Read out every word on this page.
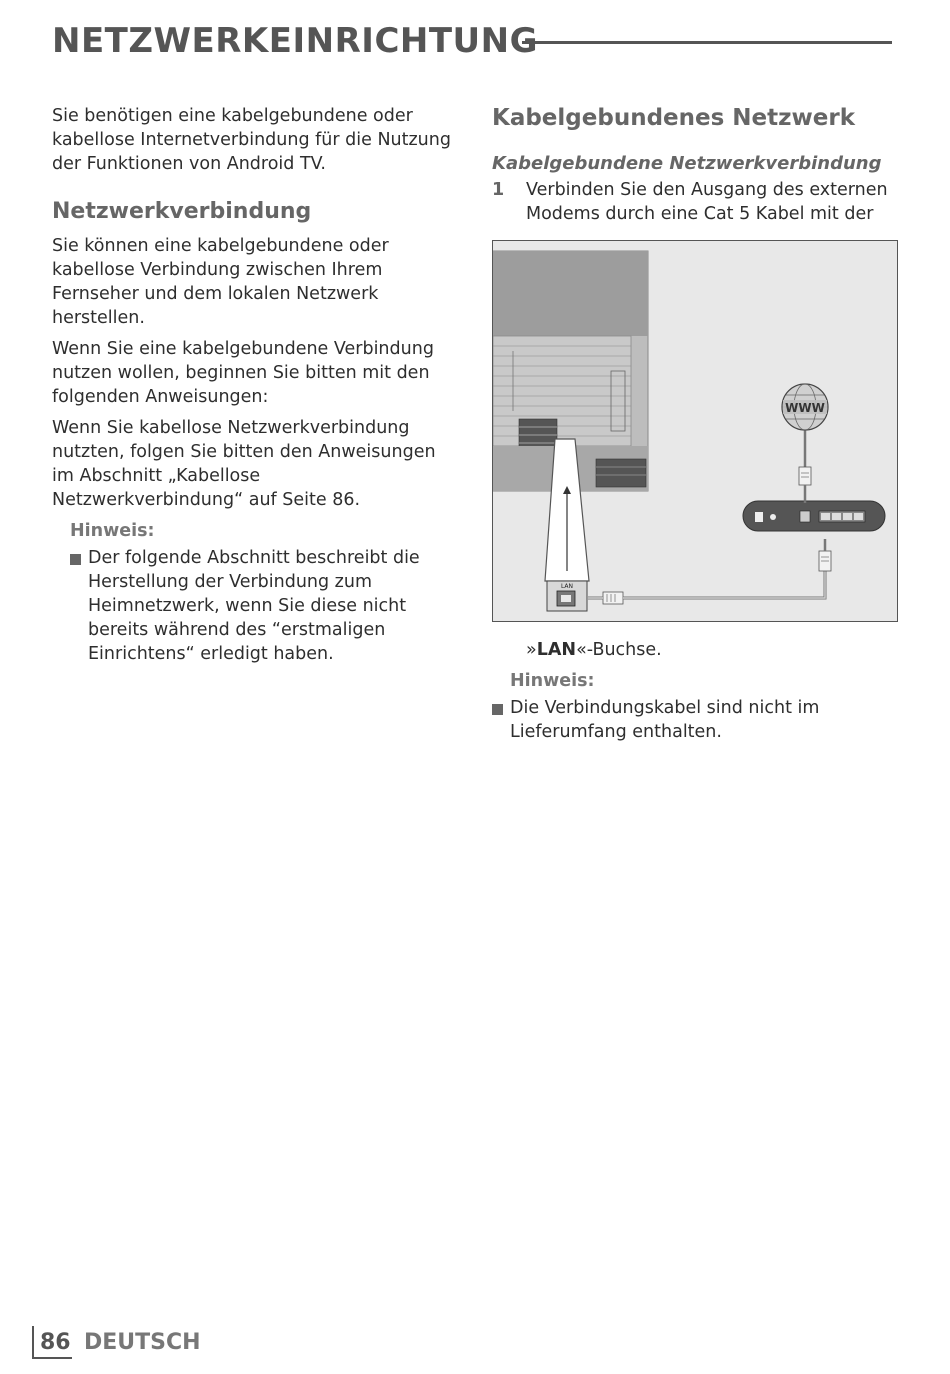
NETZWERKEINRICHTUNG

Sie benötigen eine kabelgebundene oder kabellose Internetverbindung für die Nutzung der Funktionen von Android TV.

Netzwerkverbindung

Sie können eine kabelgebundene oder kabellose Verbindung zwischen Ihrem Fernseher und dem lokalen Netzwerk herstellen.

Wenn Sie eine kabelgebundene Verbindung nutzen wollen, beginnen Sie bitten mit den folgenden Anweisungen:

Wenn Sie kabellose Netzwerkverbindung nutzten, folgen Sie bitten den Anweisungen im Abschnitt „Kabellose Netzwerkverbindung“ auf Seite 86.

Hinweis:
Der folgende Abschnitt beschreibt die Herstellung der Verbindung zum Heimnetzwerk, wenn Sie diese nicht bereits während des “erstmaligen Einrichtens“ erledigt haben.
Kabelgebundenes Netzwerk
Kabelgebundene Netzwerkverbindung
1 Verbinden Sie den Ausgang des externen Modems durch eine Cat 5 Kabel mit der
LAN
WWW

»LAN«-Buchse.

Hinweis:
Die Verbindungskabel sind nicht im Lieferumfang enthalten.
86 DEUTSCH
